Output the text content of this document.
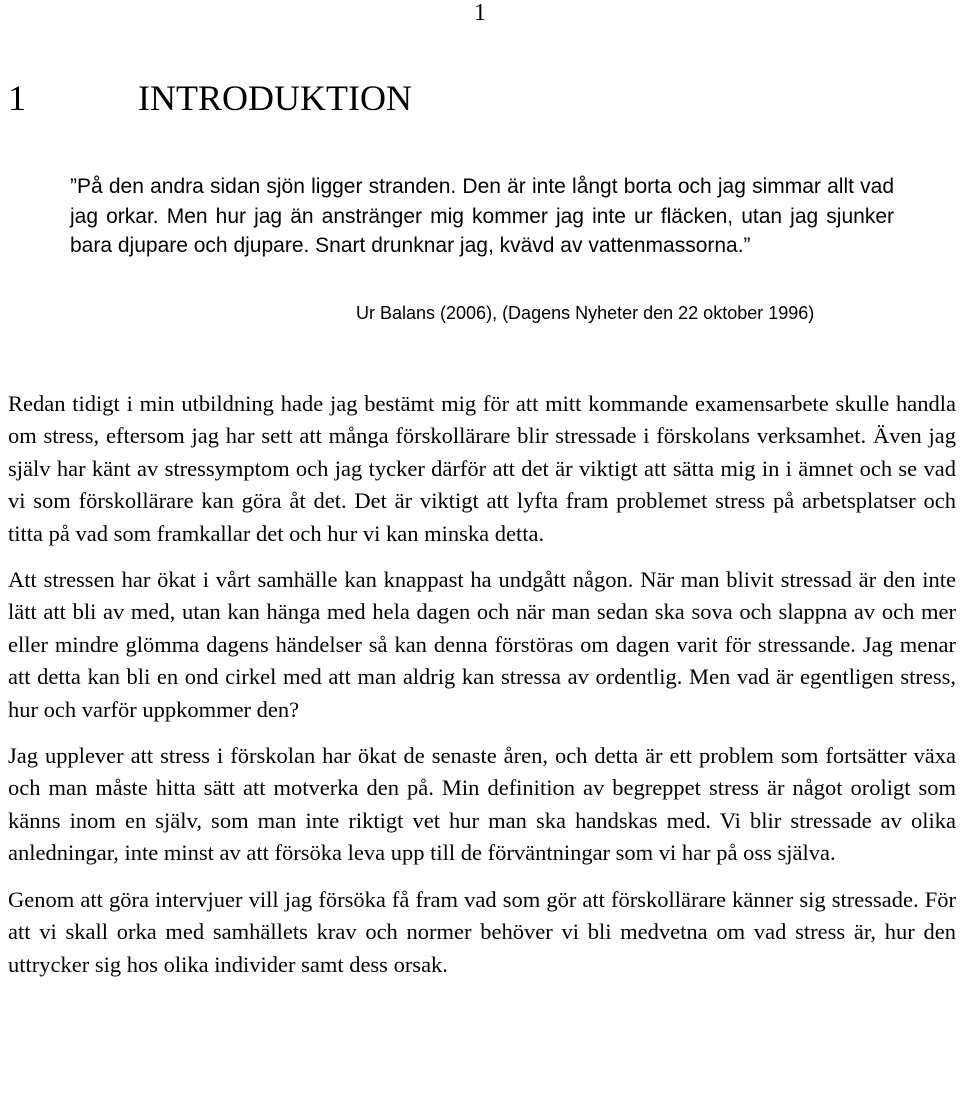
1
1	INTRODUKTION

”På den andra sidan sjön ligger stranden. Den är inte långt borta och jag simmar allt vad jag orkar. Men hur jag än anstränger mig kommer jag inte ur fläcken, utan jag sjunker bara djupare och djupare. Snart drunknar jag, kvävd av vattenmassorna.”

Ur Balans (2006), (Dagens Nyheter den 22 oktober 1996)

Redan tidigt i min utbildning hade jag bestämt mig för att mitt kommande examensarbete skulle handla om stress, eftersom jag har sett att många förskollärare blir stressade i förskolans verksamhet. Även jag själv har känt av stressymptom och jag tycker därför att det är viktigt att sätta mig in i ämnet och se vad vi som förskollärare kan göra åt det. Det är viktigt att lyfta fram problemet stress på arbetsplatser och titta på vad som framkallar det och hur vi kan minska detta.

Att stressen har ökat i vårt samhälle kan knappast ha undgått någon. När man blivit stressad är den inte lätt att bli av med, utan kan hänga med hela dagen och när man sedan ska sova och slappna av och mer eller mindre glömma dagens händelser så kan denna förstöras om dagen varit för stressande. Jag menar att detta kan bli en ond cirkel med att man aldrig kan stressa av ordentlig. Men vad är egentligen stress, hur och varför uppkommer den?

Jag upplever att stress i förskolan har ökat de senaste åren, och detta är ett problem som fortsätter växa och man måste hitta sätt att motverka den på. Min definition av begreppet stress är något oroligt som känns inom en själv, som man inte riktigt vet hur man ska handskas med. Vi blir stressade av olika anledningar, inte minst av att försöka leva upp till de förväntningar som vi har på oss själva.

Genom att göra intervjuer vill jag försöka få fram vad som gör att förskollärare känner sig stressade. För att vi skall orka med samhällets krav och normer behöver vi bli medvetna om vad stress är, hur den uttrycker sig hos olika individer samt dess orsak.
